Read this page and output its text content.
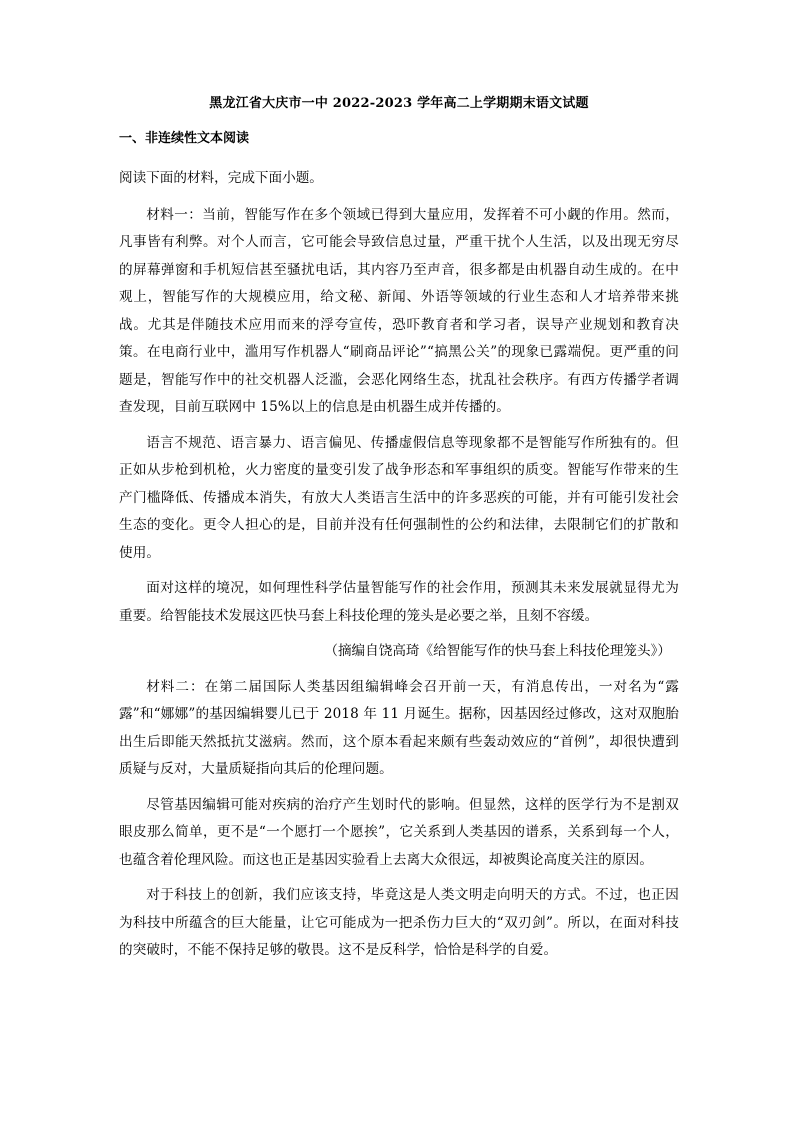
黑龙江省大庆市一中 2022-2023 学年高二上学期期末语文试题
一、非连续性文本阅读
阅读下面的材料，完成下面小题。

材料一：当前，智能写作在多个领域已得到大量应用，发挥着不可小觑的作用。然而，凡事皆有利弊。对个人而言，它可能会导致信息过量，严重干扰个人生活，以及出现无穷尽的屏幕弹窗和手机短信甚至骚扰电话，其内容乃至声音，很多都是由机器自动生成的。在中观上，智能写作的大规模应用，给文秘、新闻、外语等领域的行业生态和人才培养带来挑战。尤其是伴随技术应用而来的浮夸宣传，恐吓教育者和学习者，误导产业规划和教育决策。在电商行业中，滥用写作机器人“刷商品评论”“搞黑公关”的现象已露端倪。更严重的问题是，智能写作中的社交机器人泛滥，会恶化网络生态，扰乱社会秩序。有西方传播学者调查发现，目前互联网中 15%以上的信息是由机器生成并传播的。

语言不规范、语言暴力、语言偏见、传播虚假信息等现象都不是智能写作所独有的。但正如从步枪到机枪，火力密度的量变引发了战争形态和军事组织的质变。智能写作带来的生产门槛降低、传播成本消失，有放大人类语言生活中的许多恶疾的可能，并有可能引发社会生态的变化。更令人担心的是，目前并没有任何强制性的公约和法律，去限制它们的扩散和使用。

面对这样的境况，如何理性科学估量智能写作的社会作用，预测其未来发展就显得尤为重要。给智能技术发展这匹快马套上科技伦理的笼头是必要之举，且刻不容缓。

（摘编自饶高琦《给智能写作的快马套上科技伦理笼头》）

材料二：在第二届国际人类基因组编辑峰会召开前一天，有消息传出，一对名为“露露”和“娜娜”的基因编辑婴儿已于 2018 年 11 月诞生。据称，因基因经过修改，这对双胞胎出生后即能天然抵抗艾滋病。然而，这个原本看起来颇有些轰动效应的“首例”，却很快遭到质疑与反对，大量质疑指向其后的伦理问题。

尽管基因编辑可能对疾病的治疗产生划时代的影响。但显然，这样的医学行为不是割双眼皮那么简单，更不是“一个愿打一个愿挨”，它关系到人类基因的谱系，关系到每一个人，也蕴含着伦理风险。而这也正是基因实验看上去离大众很远，却被舆论高度关注的原因。

对于科技上的创新，我们应该支持，毕竟这是人类文明走向明天的方式。不过，也正因为科技中所蕴含的巨大能量，让它可能成为一把杀伤力巨大的“双刃剑”。所以，在面对科技的突破时，不能不保持足够的敬畏。这不是反科学，恰恰是科学的自爱。
